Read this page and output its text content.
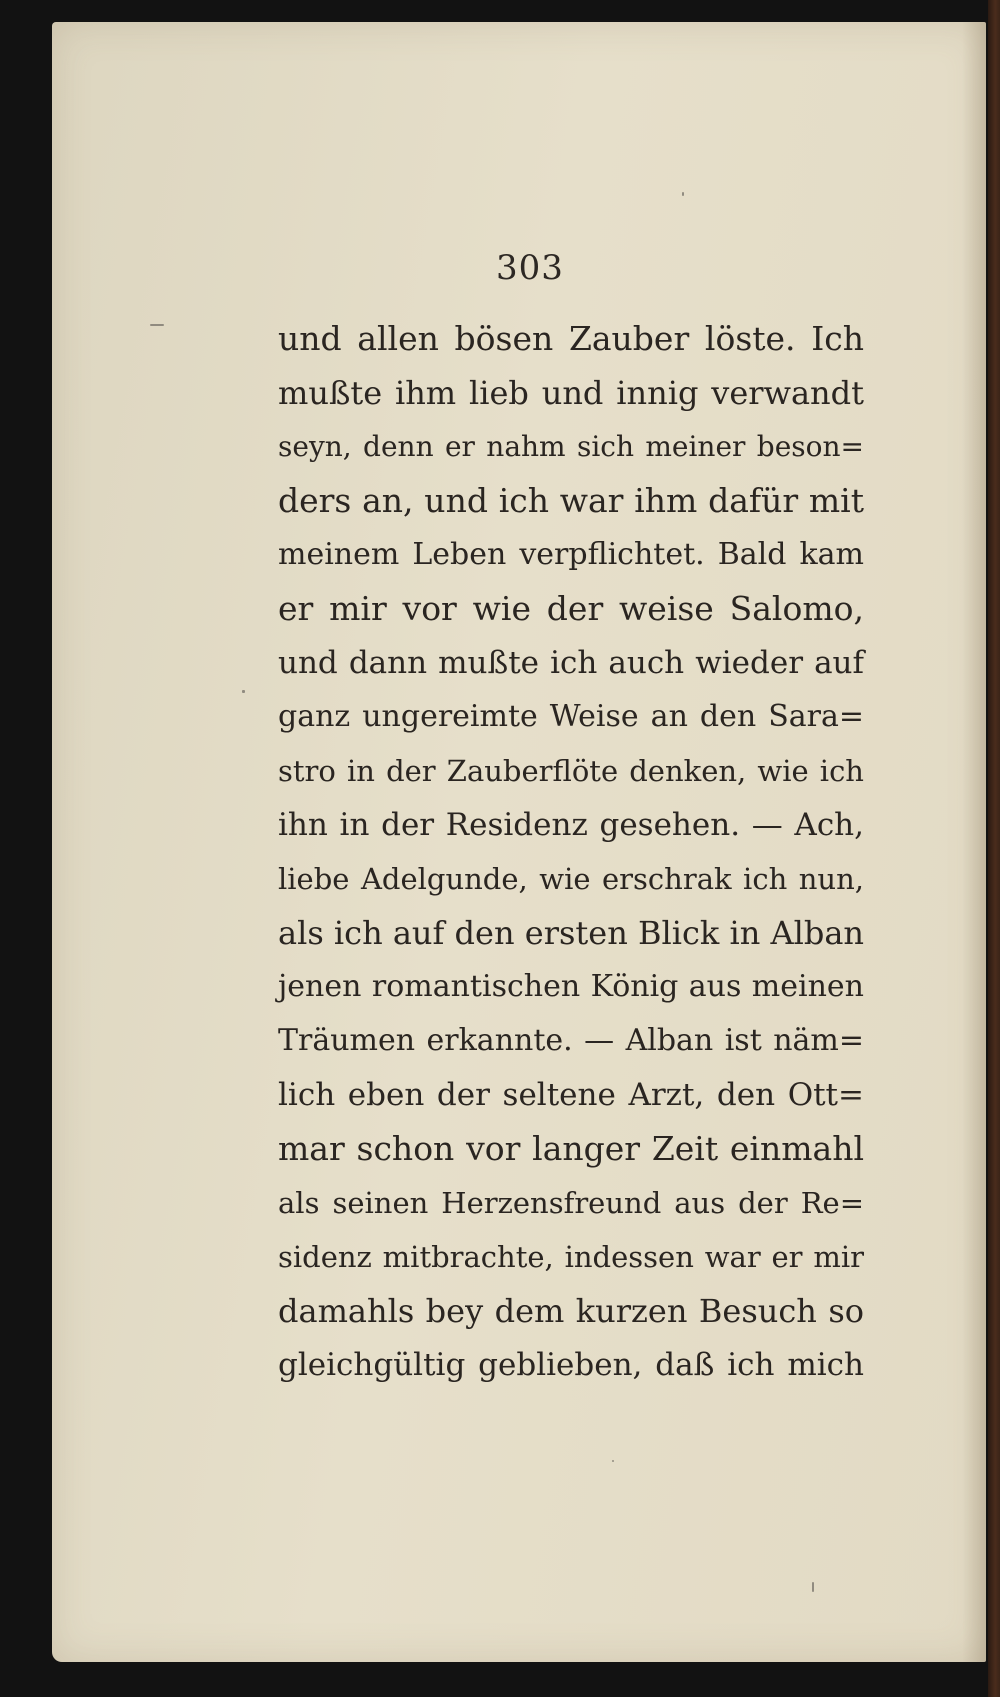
303
und allen bösen Zauber löste. Ich
mußte ihm lieb und innig verwandt
seyn, denn er nahm sich meiner beson=
ders an, und ich war ihm dafür mit
meinem Leben verpflichtet. Bald kam
er mir vor wie der weise Salomo,
und dann mußte ich auch wieder auf
ganz ungereimte Weise an den Sara=
stro in der Zauberflöte denken, wie ich
ihn in der Residenz gesehen. — Ach,
liebe Adelgunde, wie erschrak ich nun,
als ich auf den ersten Blick in Alban
jenen romantischen König aus meinen
Träumen erkannte. — Alban ist näm=
lich eben der seltene Arzt, den Ott=
mar schon vor langer Zeit einmahl
als seinen Herzensfreund aus der Re=
sidenz mitbrachte, indessen war er mir
damahls bey dem kurzen Besuch so
gleichgültig geblieben, daß ich mich
